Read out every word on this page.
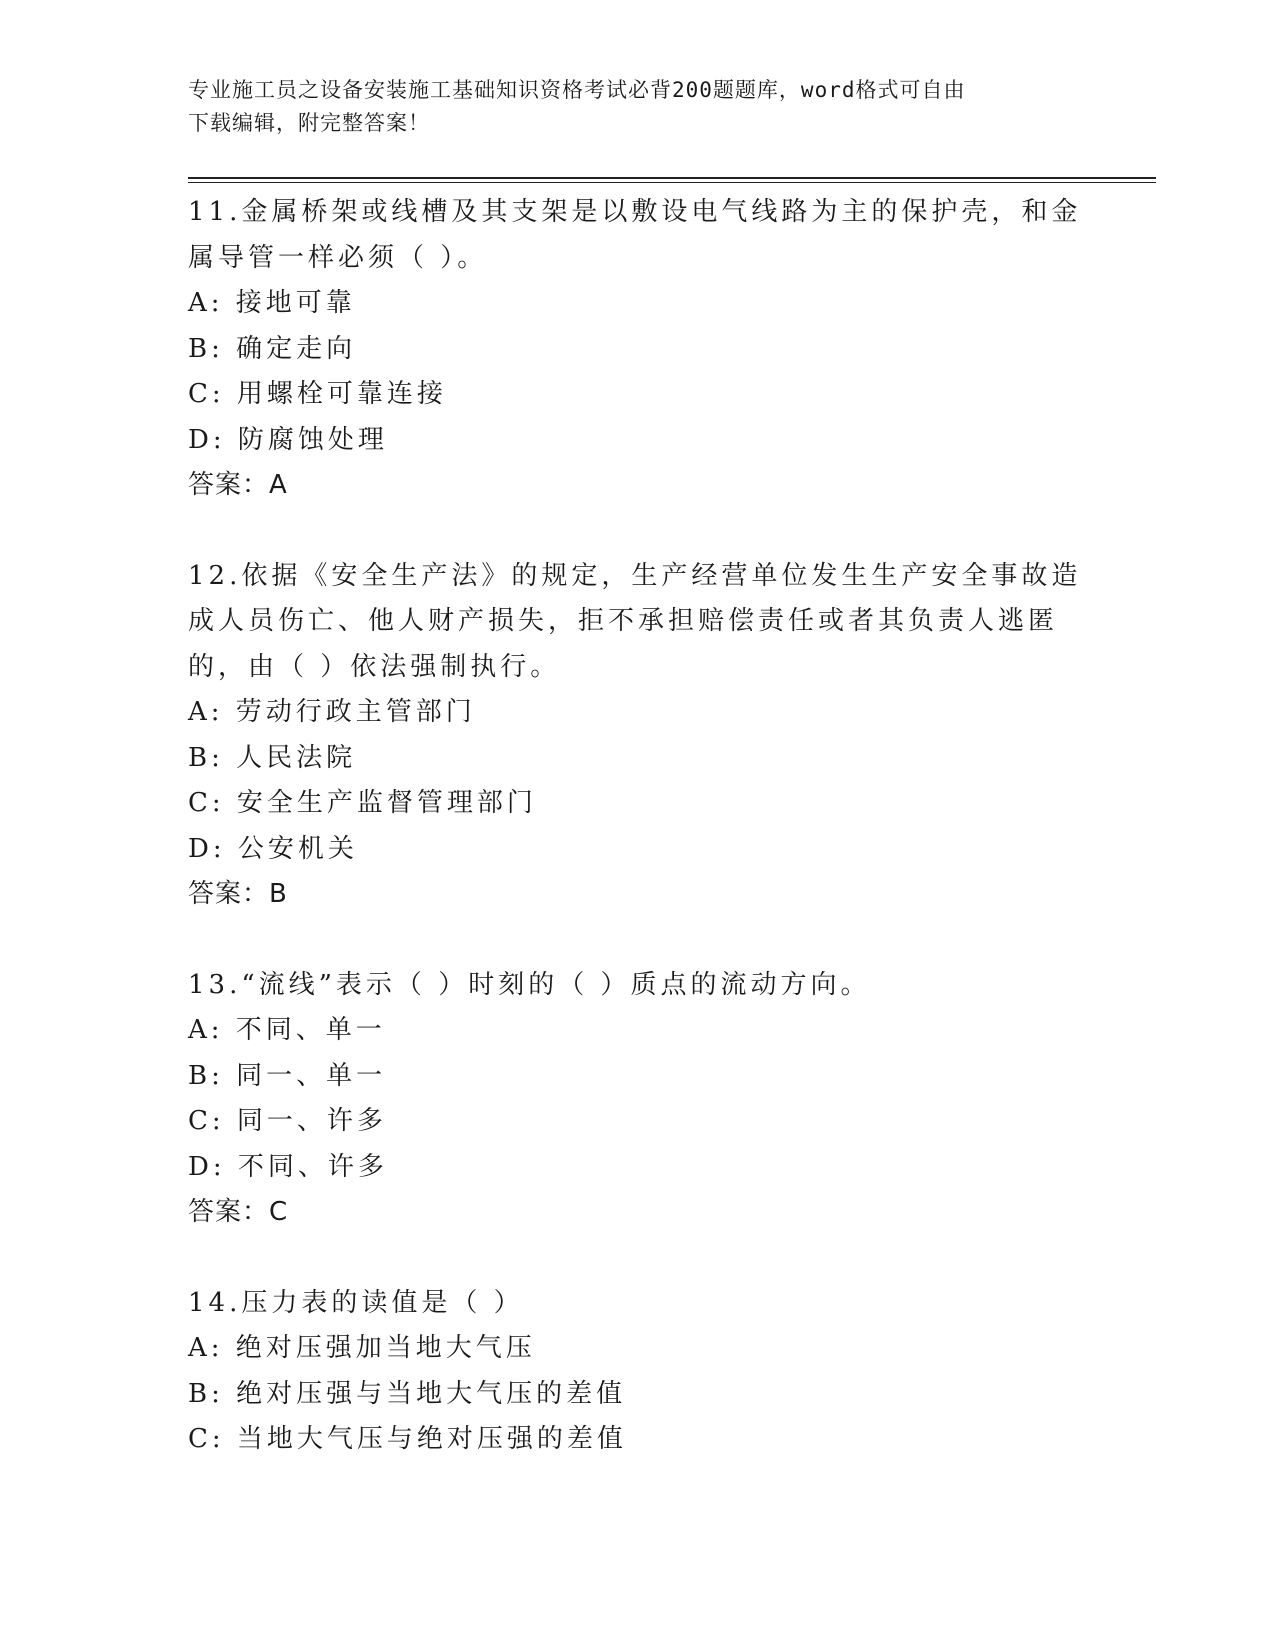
专业施工员之设备安装施工基础知识资格考试必背200题题库，word格式可自由
下载编辑，附完整答案！

11.金属桥架或线槽及其支架是以敷设电气线路为主的保护壳，和金属导管一样必须（ ）。

A: 接地可靠

B: 确定走向

C: 用螺栓可靠连接

D: 防腐蚀处理

答案：A

12.依据《安全生产法》的规定，生产经营单位发生生产安全事故造成人员伤亡、他人财产损失，拒不承担赔偿责任或者其负责人逃匿的，由（ ）依法强制执行。

A: 劳动行政主管部门

B: 人民法院

C: 安全生产监督管理部门

D: 公安机关

答案：B

13.“流线”表示（ ）时刻的（ ）质点的流动方向。

A: 不同、单一

B: 同一、单一

C: 同一、许多

D: 不同、许多

答案：C

14.压力表的读值是（ ）

A: 绝对压强加当地大气压

B: 绝对压强与当地大气压的差值

C: 当地大气压与绝对压强的差值
